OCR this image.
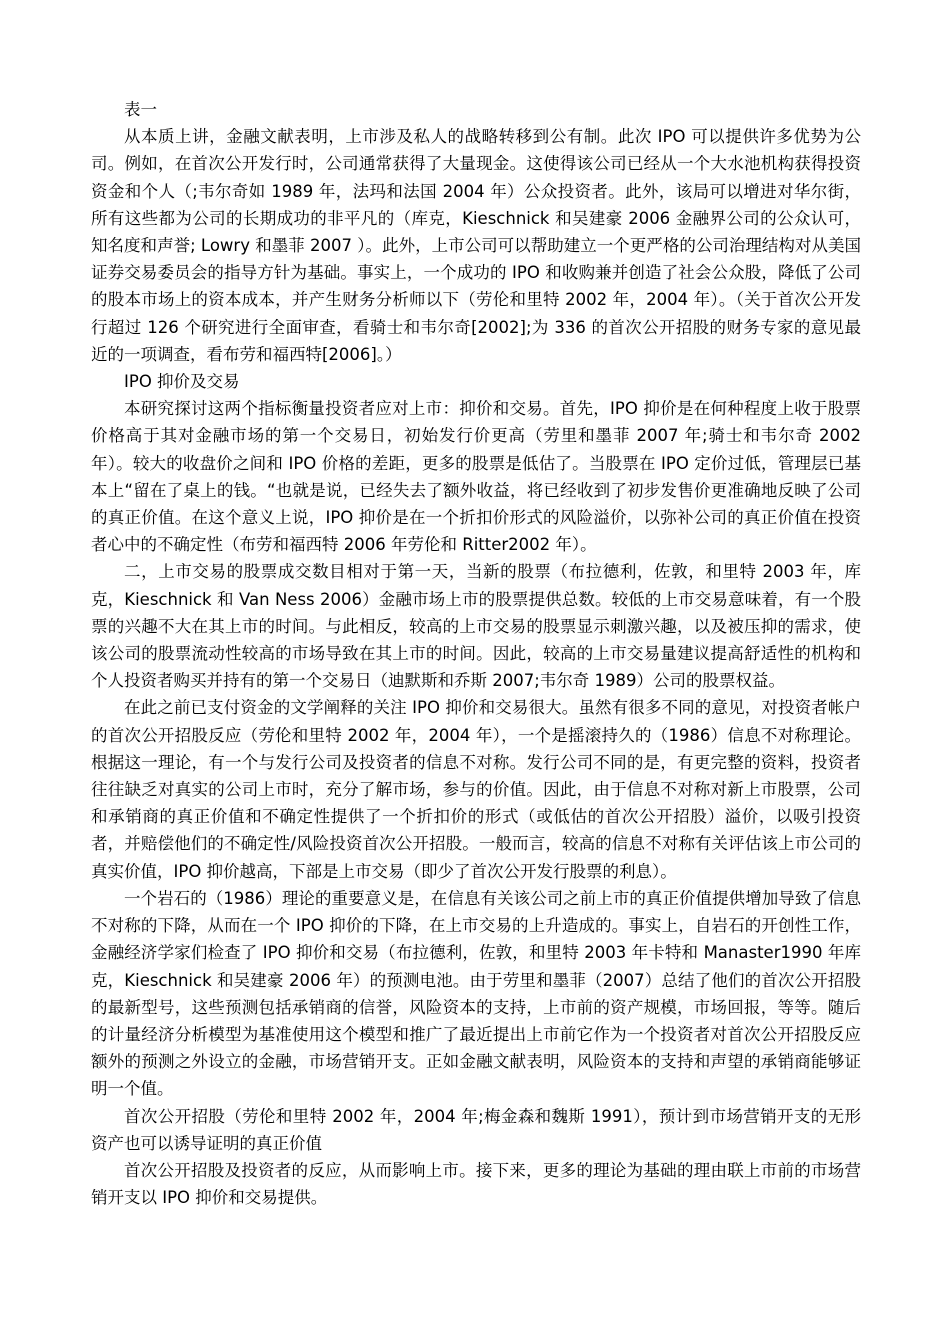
表一

从本质上讲，金融文献表明，上市涉及私人的战略转移到公有制。此次 IPO 可以提供许多优势为公司。例如，在首次公开发行时，公司通常获得了大量现金。这使得该公司已经从一个大水池机构获得投资资金和个人（;韦尔奇如 1989 年，法玛和法国 2004 年）公众投资者。此外，该局可以增进对华尔街，所有这些都为公司的长期成功的非平凡的（库克，Kieschnick 和吴建豪 2006 金融界公司的公众认可，知名度和声誉; Lowry 和墨菲 2007 ）。此外，上市公司可以帮助建立一个更严格的公司治理结构对从美国证券交易委员会的指导方针为基础。事实上，一个成功的 IPO 和收购兼并创造了社会公众股，降低了公司的股本市场上的资本成本，并产生财务分析师以下（劳伦和里特 2002 年，2004 年）。（关于首次公开发行超过 126 个研究进行全面审查，看骑士和韦尔奇[2002];为 336 的首次公开招股的财务专家的意见最近的一项调查，看布劳和福西特[2006]。）

IPO 抑价及交易

本研究探讨这两个指标衡量投资者应对上市：抑价和交易。首先，IPO 抑价是在何种程度上收于股票价格高于其对金融市场的第一个交易日，初始发行价更高（劳里和墨菲 2007 年;骑士和韦尔奇 2002 年）。较大的收盘价之间和 IPO 价格的差距，更多的股票是低估了。当股票在 IPO 定价过低，管理层已基本上“留在了桌上的钱。“也就是说，已经失去了额外收益，将已经收到了初步发售价更准确地反映了公司的真正价值。在这个意义上说，IPO 抑价是在一个折扣价形式的风险溢价，以弥补公司的真正价值在投资者心中的不确定性（布劳和福西特 2006 年劳伦和 Ritter2002 年）。

二，上市交易的股票成交数目相对于第一天，当新的股票（布拉德利，佐敦，和里特 2003 年，库克，Kieschnick 和 Van Ness 2006）金融市场上市的股票提供总数。较低的上市交易意味着，有一个股票的兴趣不大在其上市的时间。与此相反，较高的上市交易的股票显示刺激兴趣，以及被压抑的需求，使该公司的股票流动性较高的市场导致在其上市的时间。因此，较高的上市交易量建议提高舒适性的机构和个人投资者购买并持有的第一个交易日（迪默斯和乔斯 2007;韦尔奇 1989）公司的股票权益。

在此之前已支付资金的文学阐释的关注 IPO 抑价和交易很大。虽然有很多不同的意见，对投资者帐户的首次公开招股反应（劳伦和里特 2002 年，2004 年），一个是摇滚持久的（1986）信息不对称理论。根据这一理论，有一个与发行公司及投资者的信息不对称。发行公司不同的是，有更完整的资料，投资者往往缺乏对真实的公司上市时，充分了解市场，参与的价值。因此，由于信息不对称对新上市股票，公司和承销商的真正价值和不确定性提供了一个折扣价的形式（或低估的首次公开招股）溢价，以吸引投资者，并赔偿他们的不确定性/风险投资首次公开招股。一般而言，较高的信息不对称有关评估该上市公司的真实价值，IPO 抑价越高，下部是上市交易（即少了首次公开发行股票的利息）。

一个岩石的（1986）理论的重要意义是，在信息有关该公司之前上市的真正价值提供增加导致了信息不对称的下降，从而在一个 IPO 抑价的下降，在上市交易的上升造成的。事实上，自岩石的开创性工作，金融经济学家们检查了 IPO 抑价和交易（布拉德利，佐敦，和里特 2003 年卡特和 Manaster1990 年库克，Kieschnick 和吴建豪 2006 年）的预测电池。由于劳里和墨菲（2007）总结了他们的首次公开招股的最新型号，这些预测包括承销商的信誉，风险资本的支持，上市前的资产规模，市场回报，等等。随后的计量经济分析模型为基准使用这个模型和推广了最近提出上市前它作为一个投资者对首次公开招股反应额外的预测之外设立的金融，市场营销开支。正如金融文献表明，风险资本的支持和声望的承销商能够证明一个值。

首次公开招股（劳伦和里特 2002 年，2004 年;梅金森和魏斯 1991），预计到市场营销开支的无形资产也可以诱导证明的真正价值

首次公开招股及投资者的反应，从而影响上市。接下来，更多的理论为基础的理由联上市前的市场营销开支以 IPO 抑价和交易提供。
